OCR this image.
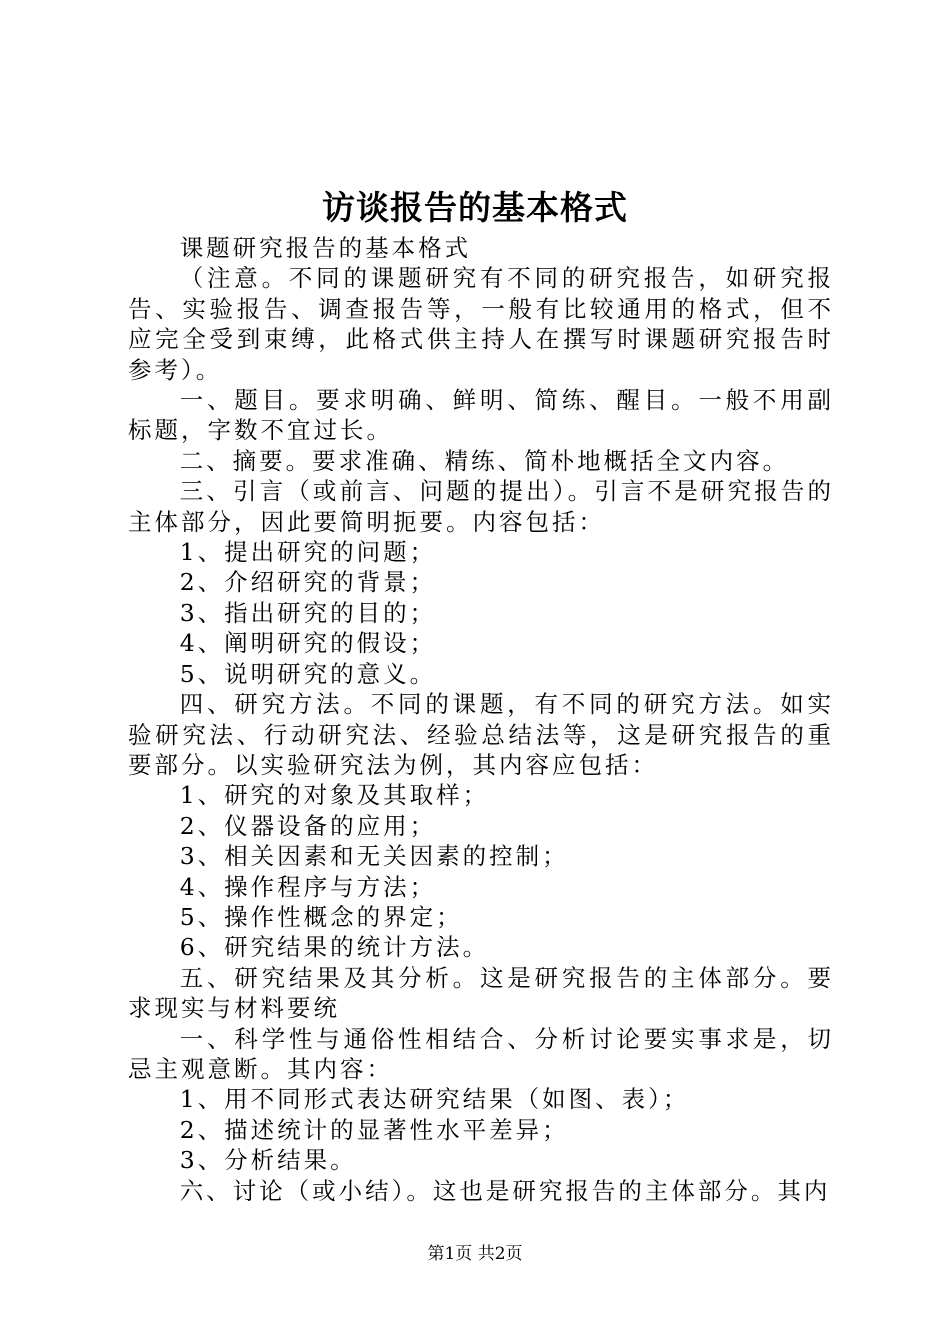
访谈报告的基本格式

课题研究报告的基本格式

（注意。不同的课题研究有不同的研究报告，如研究报告、实验报告、调查报告等，一般有比较通用的格式，但不应完全受到束缚，此格式供主持人在撰写时课题研究报告时参考）。

一、题目。要求明确、鲜明、简练、醒目。一般不用副标题，字数不宜过长。

二、摘要。要求准确、精练、简朴地概括全文内容。

三、引言（或前言、问题的提出）。引言不是研究报告的主体部分，因此要简明扼要。内容包括：

1、提出研究的问题；

2、介绍研究的背景；

3、指出研究的目的；

4、阐明研究的假设；

5、说明研究的意义。

四、研究方法。不同的课题，有不同的研究方法。如实验研究法、行动研究法、经验总结法等，这是研究报告的重要部分。以实验研究法为例，其内容应包括：

1、研究的对象及其取样；

2、仪器设备的应用；

3、相关因素和无关因素的控制；

4、操作程序与方法；

5、操作性概念的界定；

6、研究结果的统计方法。

五、研究结果及其分析。这是研究报告的主体部分。要求现实与材料要统

一、科学性与通俗性相结合、分析讨论要实事求是，切忌主观意断。其内容：

1、用不同形式表达研究结果（如图、表）；

2、描述统计的显著性水平差异；

3、分析结果。

六、讨论（或小结）。这也是研究报告的主体部分。其内

第1页 共2页
